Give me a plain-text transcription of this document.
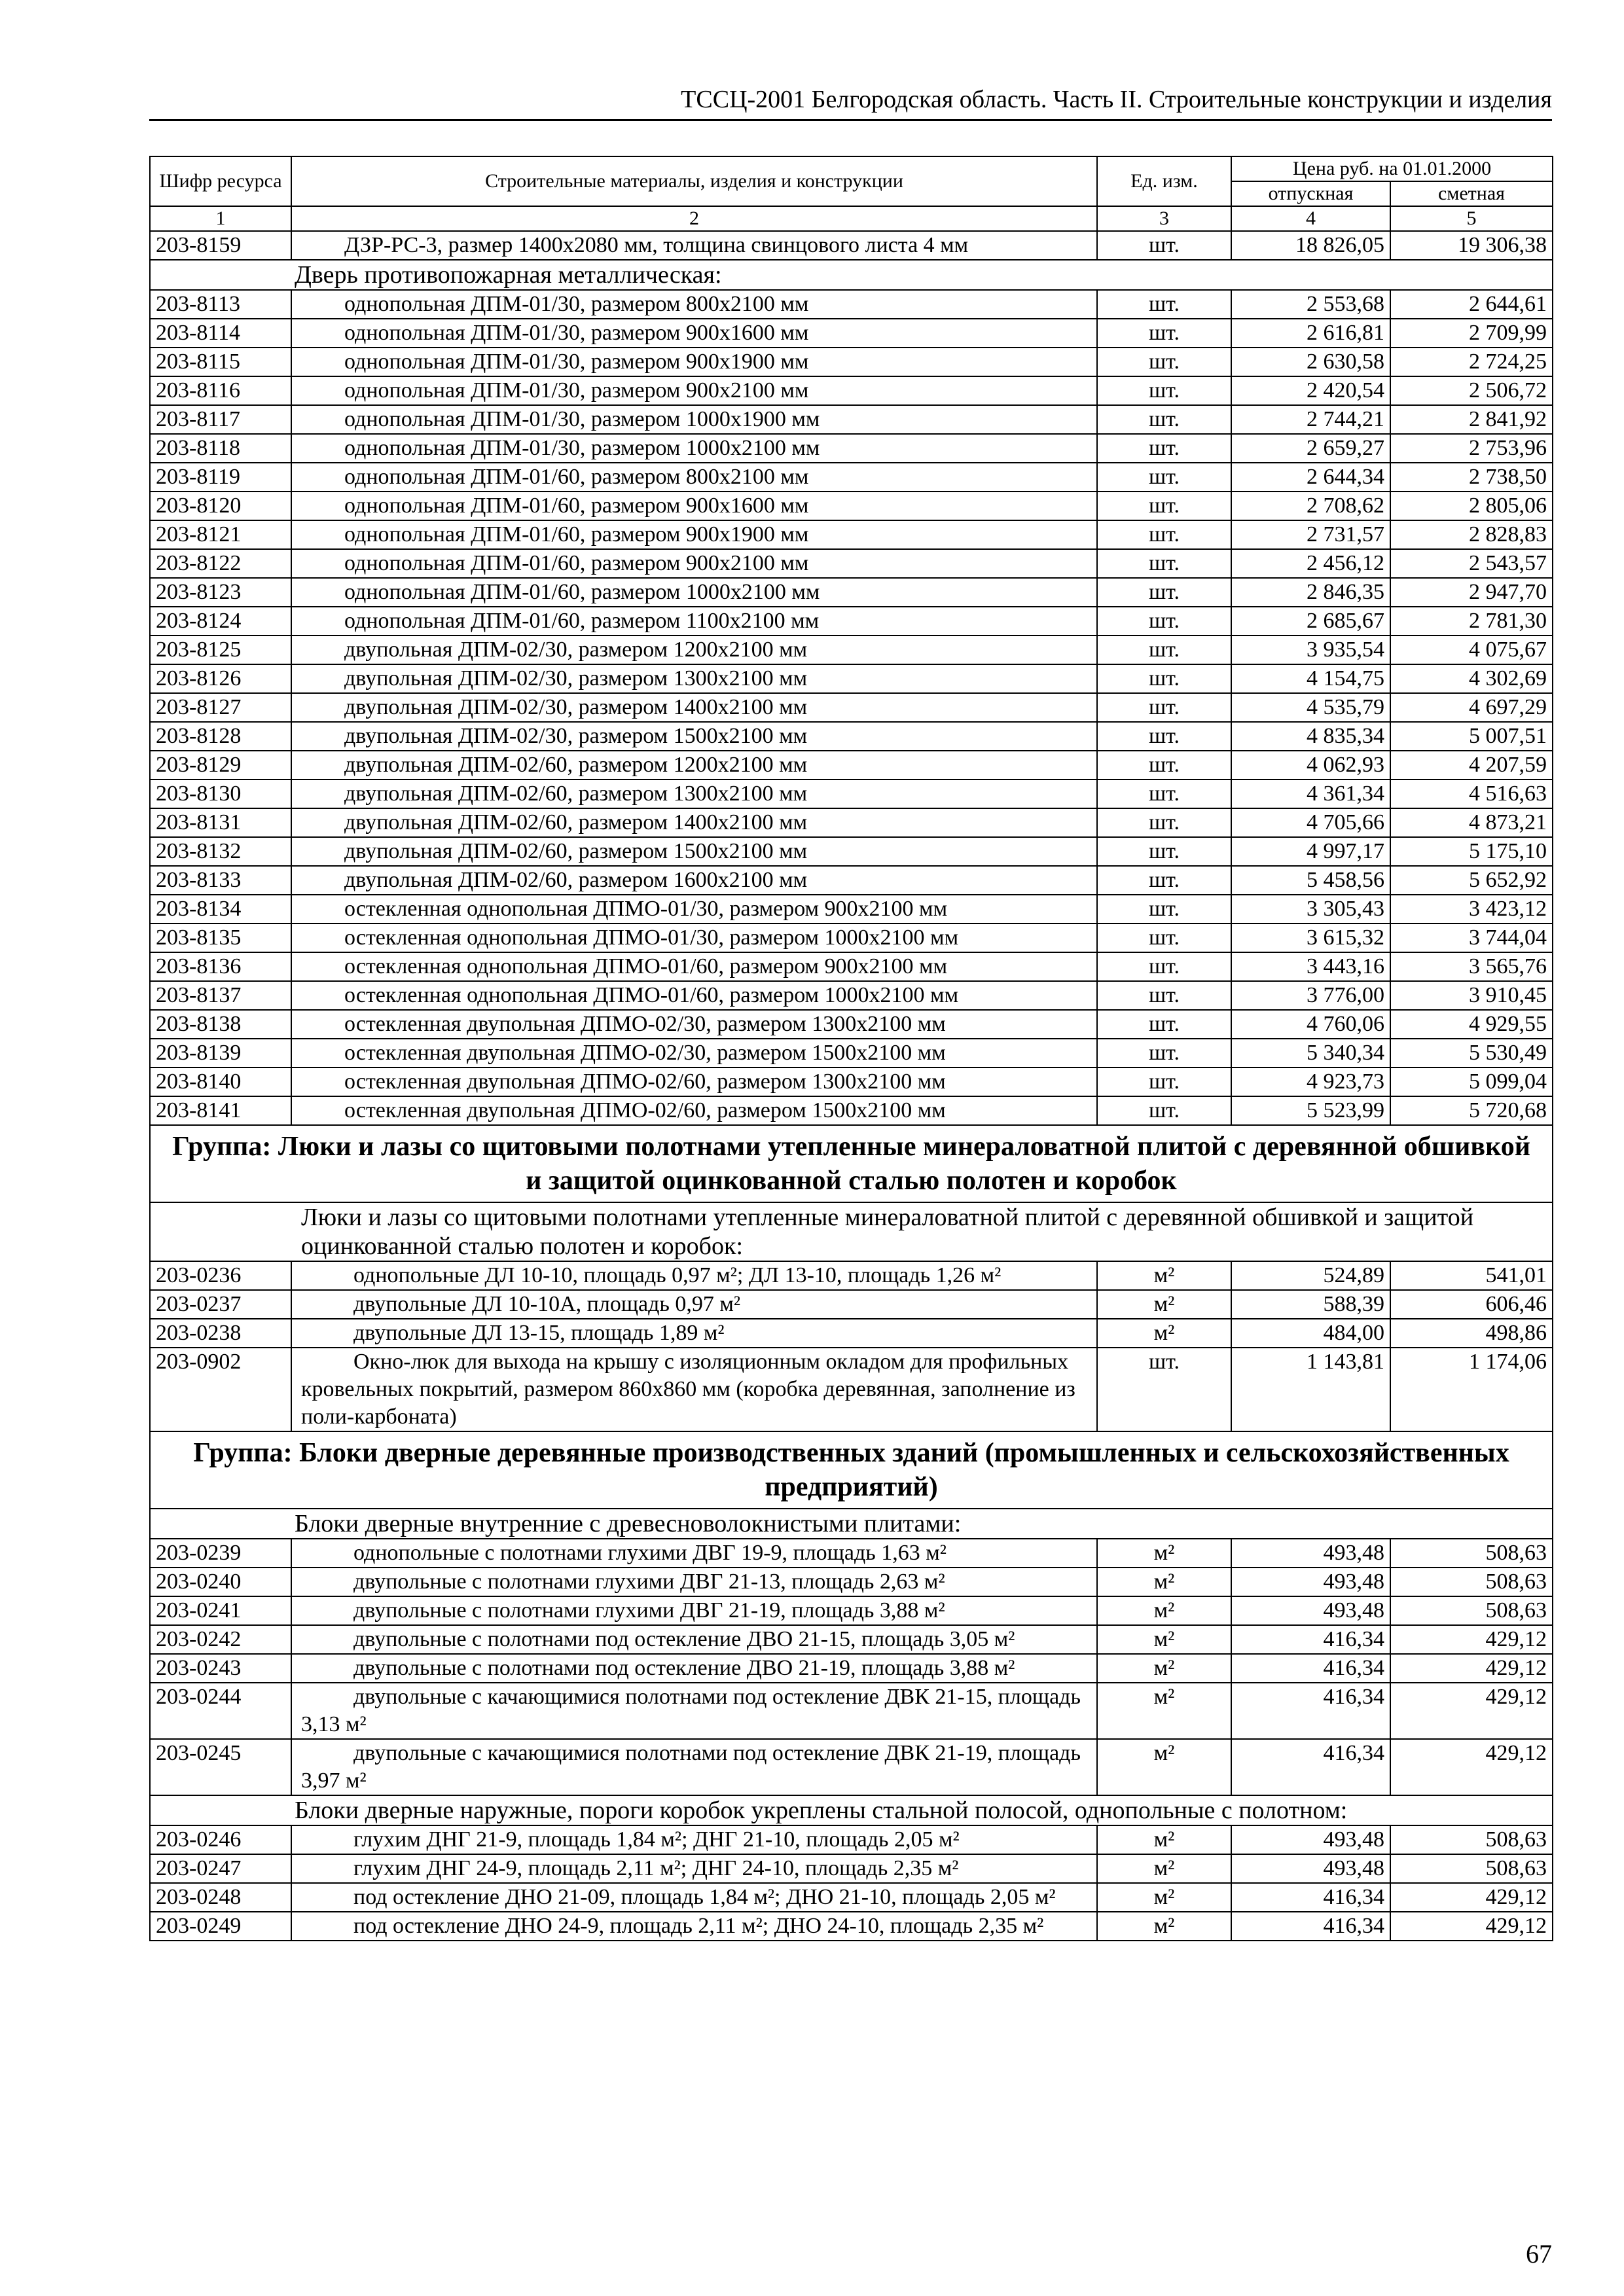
ТССЦ-2001 Белгородская область. Часть II. Строительные конструкции и изделия
Шифр ресурса	Строительные материалы, изделия и конструкции	Ед. изм.	Цена руб. на 01.01.2000	
			отпускная	сметная
1	2	3	4	5
203-8159	ДЗР-РС-3, размер 1400х2080 мм, толщина свинцового листа 4 мм	шт.	18 826,05	19 306,38
Дверь противопожарная металлическая:				
203-8113	однопольная ДПМ-01/30, размером 800х2100 мм	шт.	2 553,68	2 644,61
203-8114	однопольная ДПМ-01/30, размером 900х1600 мм	шт.	2 616,81	2 709,99
203-8115	однопольная ДПМ-01/30, размером 900х1900 мм	шт.	2 630,58	2 724,25
203-8116	однопольная ДПМ-01/30, размером 900х2100 мм	шт.	2 420,54	2 506,72
203-8117	однопольная ДПМ-01/30, размером 1000х1900 мм	шт.	2 744,21	2 841,92
203-8118	однопольная ДПМ-01/30, размером 1000х2100 мм	шт.	2 659,27	2 753,96
203-8119	однопольная ДПМ-01/60, размером 800х2100 мм	шт.	2 644,34	2 738,50
203-8120	однопольная ДПМ-01/60, размером 900х1600 мм	шт.	2 708,62	2 805,06
203-8121	однопольная ДПМ-01/60, размером 900х1900 мм	шт.	2 731,57	2 828,83
203-8122	однопольная ДПМ-01/60, размером 900х2100 мм	шт.	2 456,12	2 543,57
203-8123	однопольная ДПМ-01/60, размером 1000х2100 мм	шт.	2 846,35	2 947,70
203-8124	однопольная ДПМ-01/60, размером 1100х2100 мм	шт.	2 685,67	2 781,30
203-8125	двупольная ДПМ-02/30, размером 1200х2100 мм	шт.	3 935,54	4 075,67
203-8126	двупольная ДПМ-02/30, размером 1300х2100 мм	шт.	4 154,75	4 302,69
203-8127	двупольная ДПМ-02/30, размером 1400х2100 мм	шт.	4 535,79	4 697,29
203-8128	двупольная ДПМ-02/30, размером 1500х2100 мм	шт.	4 835,34	5 007,51
203-8129	двупольная ДПМ-02/60, размером 1200х2100 мм	шт.	4 062,93	4 207,59
203-8130	двупольная ДПМ-02/60, размером 1300х2100 мм	шт.	4 361,34	4 516,63
203-8131	двупольная ДПМ-02/60, размером 1400х2100 мм	шт.	4 705,66	4 873,21
203-8132	двупольная ДПМ-02/60, размером 1500х2100 мм	шт.	4 997,17	5 175,10
203-8133	двупольная ДПМ-02/60, размером 1600х2100 мм	шт.	5 458,56	5 652,92
203-8134	остекленная однопольная ДПМО-01/30, размером 900х2100 мм	шт.	3 305,43	3 423,12
203-8135	остекленная однопольная ДПМО-01/30, размером 1000х2100 мм	шт.	3 615,32	3 744,04
203-8136	остекленная однопольная ДПМО-01/60, размером 900х2100 мм	шт.	3 443,16	3 565,76
203-8137	остекленная однопольная ДПМО-01/60, размером 1000х2100 мм	шт.	3 776,00	3 910,45
203-8138	остекленная двупольная ДПМО-02/30, размером 1300х2100 мм	шт.	4 760,06	4 929,55
203-8139	остекленная двупольная ДПМО-02/30, размером 1500х2100 мм	шт.	5 340,34	5 530,49
203-8140	остекленная двупольная ДПМО-02/60, размером 1300х2100 мм	шт.	4 923,73	5 099,04
203-8141	остекленная двупольная ДПМО-02/60, размером 1500х2100 мм	шт.	5 523,99	5 720,68
Группа: Люки и лазы со щитовыми полотнами утепленные минераловатной плитой с деревянной обшивкой и защитой оцинкованной сталью полотен и коробок				
Люки и лазы со щитовыми полотнами утепленные минераловатной плитой с деревянной обшивкой и защитой оцинкованной сталью полотен и коробок:				
203-0236	однопольные ДЛ 10-10, площадь 0,97 м²; ДЛ 13-10, площадь 1,26 м²	м²	524,89	541,01
203-0237	двупольные ДЛ 10-10А, площадь 0,97 м²	м²	588,39	606,46
203-0238	двупольные ДЛ 13-15, площадь 1,89 м²	м²	484,00	498,86
203-0902	Окно-люк для выхода на крышу с изоляционным окладом для профильных кровельных покрытий, размером 860х860 мм (коробка деревянная, заполнение из поли-карбоната)	шт.	1 143,81	1 174,06
Группа: Блоки дверные деревянные производственных зданий (промышленных и сельскохозяйственных предприятий)				
Блоки дверные внутренние с древесноволокнистыми плитами:				
203-0239	однопольные с полотнами глухими ДВГ 19-9, площадь 1,63 м²	м²	493,48	508,63
203-0240	двупольные с полотнами глухими ДВГ 21-13, площадь 2,63 м²	м²	493,48	508,63
203-0241	двупольные с полотнами глухими ДВГ 21-19, площадь 3,88 м²	м²	493,48	508,63
203-0242	двупольные с полотнами под остекление ДВО 21-15, площадь 3,05 м²	м²	416,34	429,12
203-0243	двупольные с полотнами под остекление ДВО 21-19, площадь 3,88 м²	м²	416,34	429,12
203-0244	двупольные с качающимися полотнами под остекление ДВК 21-15, площадь 3,13 м²	м²	416,34	429,12
203-0245	двупольные с качающимися полотнами под остекление ДВК 21-19, площадь 3,97 м²	м²	416,34	429,12
Блоки дверные наружные, пороги коробок укреплены стальной полосой, однопольные с полотном:				
203-0246	глухим ДНГ 21-9, площадь 1,84 м²; ДНГ 21-10, площадь 2,05 м²	м²	493,48	508,63
203-0247	глухим ДНГ 24-9, площадь 2,11 м²; ДНГ 24-10, площадь 2,35 м²	м²	493,48	508,63
203-0248	под остекление ДНО 21-09, площадь 1,84 м²; ДНО 21-10, площадь 2,05 м²	м²	416,34	429,12
203-0249	под остекление ДНО 24-9, площадь 2,11 м²; ДНО 24-10, площадь 2,35 м²	м²	416,34	429,12
67
